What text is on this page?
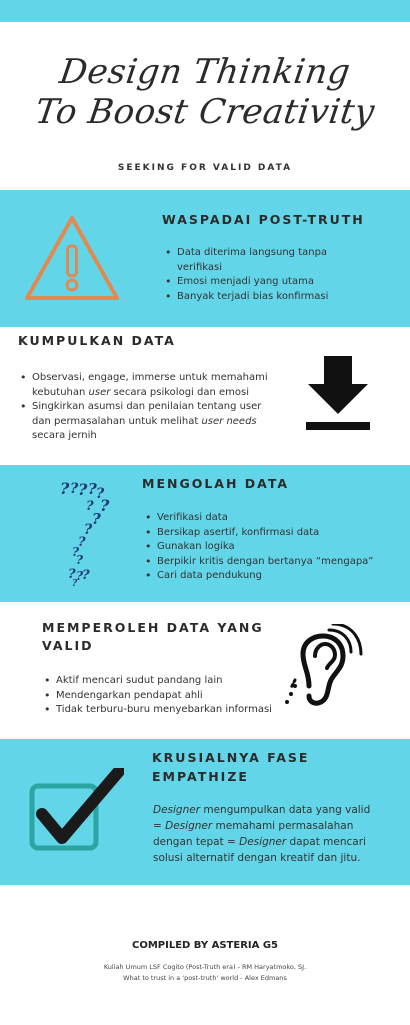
Design Thinking
To Boost Creativity
SEEKING FOR VALID DATA
WASPADAI POST-TRUTH
• Data diterima langsung tanpa verifikasi
• Emosi menjadi yang utama
• Banyak terjadi bias konfirmasi
KUMPULKAN DATA
• Observasi, engage, immerse untuk memahami kebutuhan user secara psikologi dan emosi
• Singkirkan asumsi dan penilaian tentang user dan permasalahan untuk melihat user needs secara jernih
? ? ? ? ?
?
?
?
?
?
?
?
? ?
?
?
MENGOLAH DATA
• Verifikasi data
• Bersikap asertif, konfirmasi data
• Gunakan logika
• Berpikir kritis dengan bertanya “mengapa”
• Cari data pendukung
MEMPEROLEH DATA YANG
VALID
• Aktif mencari sudut pandang lain
• Mendengarkan pendapat ahli
• Tidak terburu-buru menyebarkan informasi
KRUSIALNYA FASE
EMPATHIZE

Designer mengumpulkan data yang valid = Designer memahami permasalahan dengan tepat = Designer dapat mencari solusi alternatif dengan kreatif dan jitu.

COMPILED BY ASTERIA G5
Kuliah Umum LSF Cogito (Post-Truth era) - RM Haryatmoko, SJ.
What to trust in a 'post-truth' world - Alex Edmans
